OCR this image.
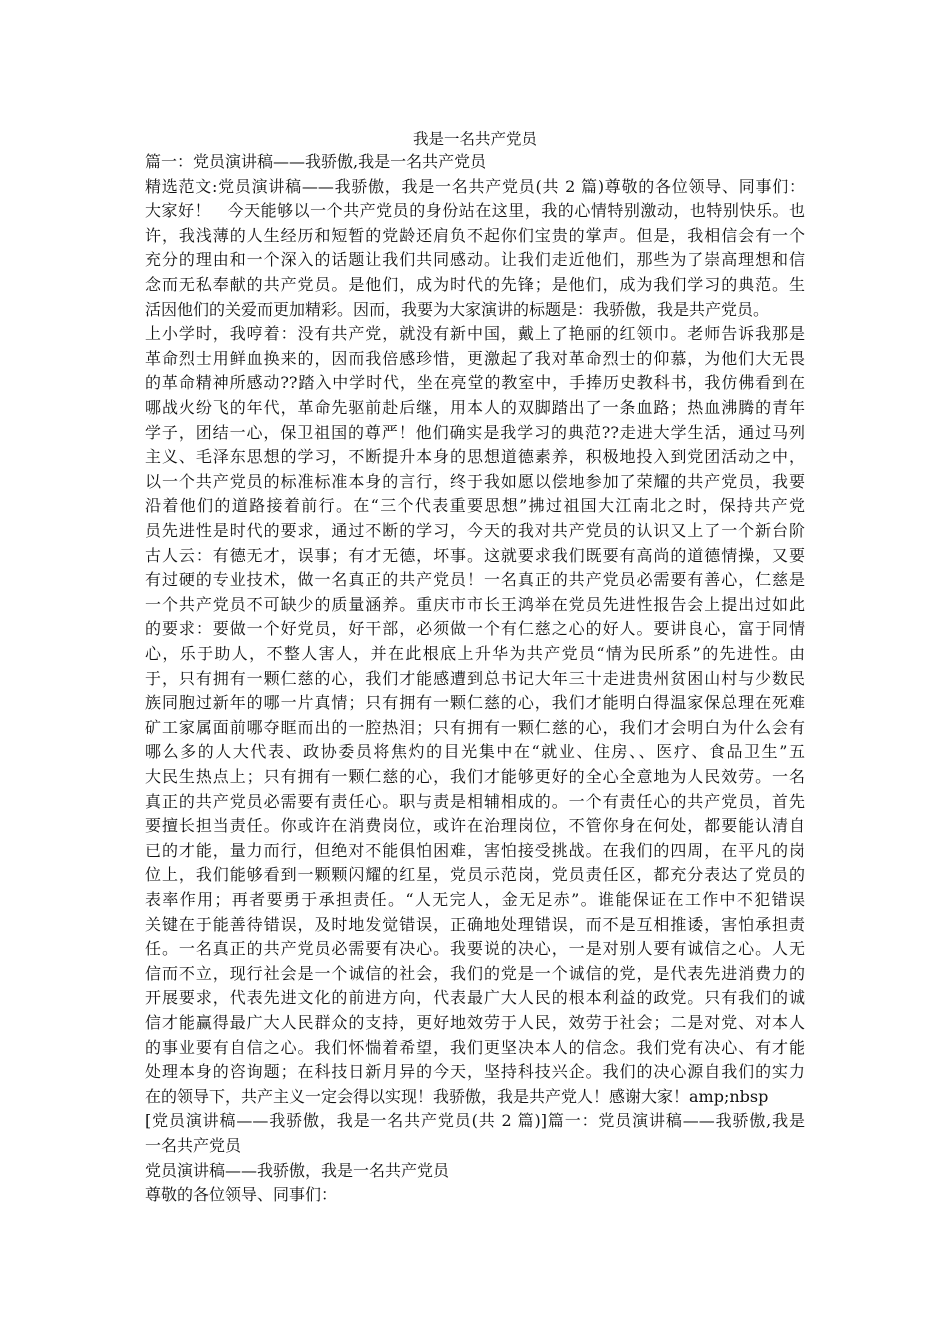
我是一名共产党员
篇一：党员演讲稿——我骄傲,我是一名共产党员
精选范文:党员演讲稿——我骄傲，我是一名共产党员(共 2 篇)尊敬的各位领导、同事们：
大家好！　今天能够以一个共产党员的身份站在这里，我的心情特别激动，也特别快乐。也
许，我浅薄的人生经历和短暂的党龄还肩负不起你们宝贵的掌声。但是，我相信会有一个
充分的理由和一个深入的话题让我们共同感动。让我们走近他们，那些为了崇高理想和信
念而无私奉献的共产党员。是他们，成为时代的先锋；是他们，成为我们学习的典范。生
活因他们的关爱而更加精彩。因而，我要为大家演讲的标题是：我骄傲，我是共产党员。
上小学时，我哼着：没有共产党，就没有新中国，戴上了艳丽的红领巾。老师告诉我那是
革命烈士用鲜血换来的，因而我倍感珍惜，更激起了我对革命烈士的仰慕，为他们大无畏
的革命精神所感动??踏入中学时代，坐在亮堂的教室中，手捧历史教科书，我仿佛看到在
哪战火纷飞的年代，革命先驱前赴后继，用本人的双脚踏出了一条血路；热血沸腾的青年
学子，团结一心，保卫祖国的尊严！他们确实是我学习的典范??走进大学生活，通过马列
主义、毛泽东思想的学习，不断提升本身的思想道德素养，积极地投入到党团活动之中，
以一个共产党员的标准标准本身的言行，终于我如愿以偿地参加了荣耀的共产党员，我要
沿着他们的道路接着前行。在“三个代表重要思想”拂过祖国大江南北之时，保持共产党
员先进性是时代的要求，通过不断的学习，今天的我对共产党员的认识又上了一个新台阶
古人云：有德无才，误事；有才无德，坏事。这就要求我们既要有高尚的道德情操，又要
有过硬的专业技术，做一名真正的共产党员！一名真正的共产党员必需要有善心，仁慈是
一个共产党员不可缺少的质量涵养。重庆市市长王鸿举在党员先进性报告会上提出过如此
的要求：要做一个好党员，好干部，必须做一个有仁慈之心的好人。要讲良心，富于同情
心，乐于助人，不整人害人，并在此根底上升华为共产党员“情为民所系”的先进性。由
于，只有拥有一颗仁慈的心，我们才能感遭到总书记大年三十走进贵州贫困山村与少数民
族同胞过新年的哪一片真情；只有拥有一颗仁慈的心，我们才能明白得温家保总理在死难
矿工家属面前哪夺眶而出的一腔热泪；只有拥有一颗仁慈的心，我们才会明白为什么会有
哪么多的人大代表、政协委员将焦灼的目光集中在“就业、住房、、医疗、食品卫生”五
大民生热点上；只有拥有一颗仁慈的心，我们才能够更好的全心全意地为人民效劳。一名
真正的共产党员必需要有责任心。职与责是相辅相成的。一个有责任心的共产党员，首先
要擅长担当责任。你或许在消费岗位，或许在治理岗位，不管你身在何处，都要能认清自
已的才能，量力而行，但绝对不能俱怕困难，害怕接受挑战。在我们的四周，在平凡的岗
位上，我们能够看到一颗颗闪耀的红星，党员示范岗，党员责任区，都充分表达了党员的
表率作用；再者要勇于承担责任。“人无完人，金无足赤”。谁能保证在工作中不犯错误
关键在于能善待错误，及时地发觉错误，正确地处理错误，而不是互相推诿，害怕承担责
任。一名真正的共产党员必需要有决心。我要说的决心，一是对别人要有诚信之心。人无
信而不立，现行社会是一个诚信的社会，我们的党是一个诚信的党，是代表先进消费力的
开展要求，代表先进文化的前进方向，代表最广大人民的根本利益的政党。只有我们的诚
信才能赢得最广大人民群众的支持，更好地效劳于人民，效劳于社会；二是对党、对本人
的事业要有自信之心。我们怀惴着希望，我们更坚决本人的信念。我们党有决心、有才能
处理本身的咨询题；在科技日新月异的今天，坚持科技兴企。我们的决心源自我们的实力
在的领导下，共产主义一定会得以实现！我骄傲，我是共产党人！感谢大家！amp;nbsp
[党员演讲稿——我骄傲，我是一名共产党员(共 2 篇)]篇一：党员演讲稿——我骄傲,我是
一名共产党员
党员演讲稿——我骄傲，我是一名共产党员
尊敬的各位领导、同事们：
